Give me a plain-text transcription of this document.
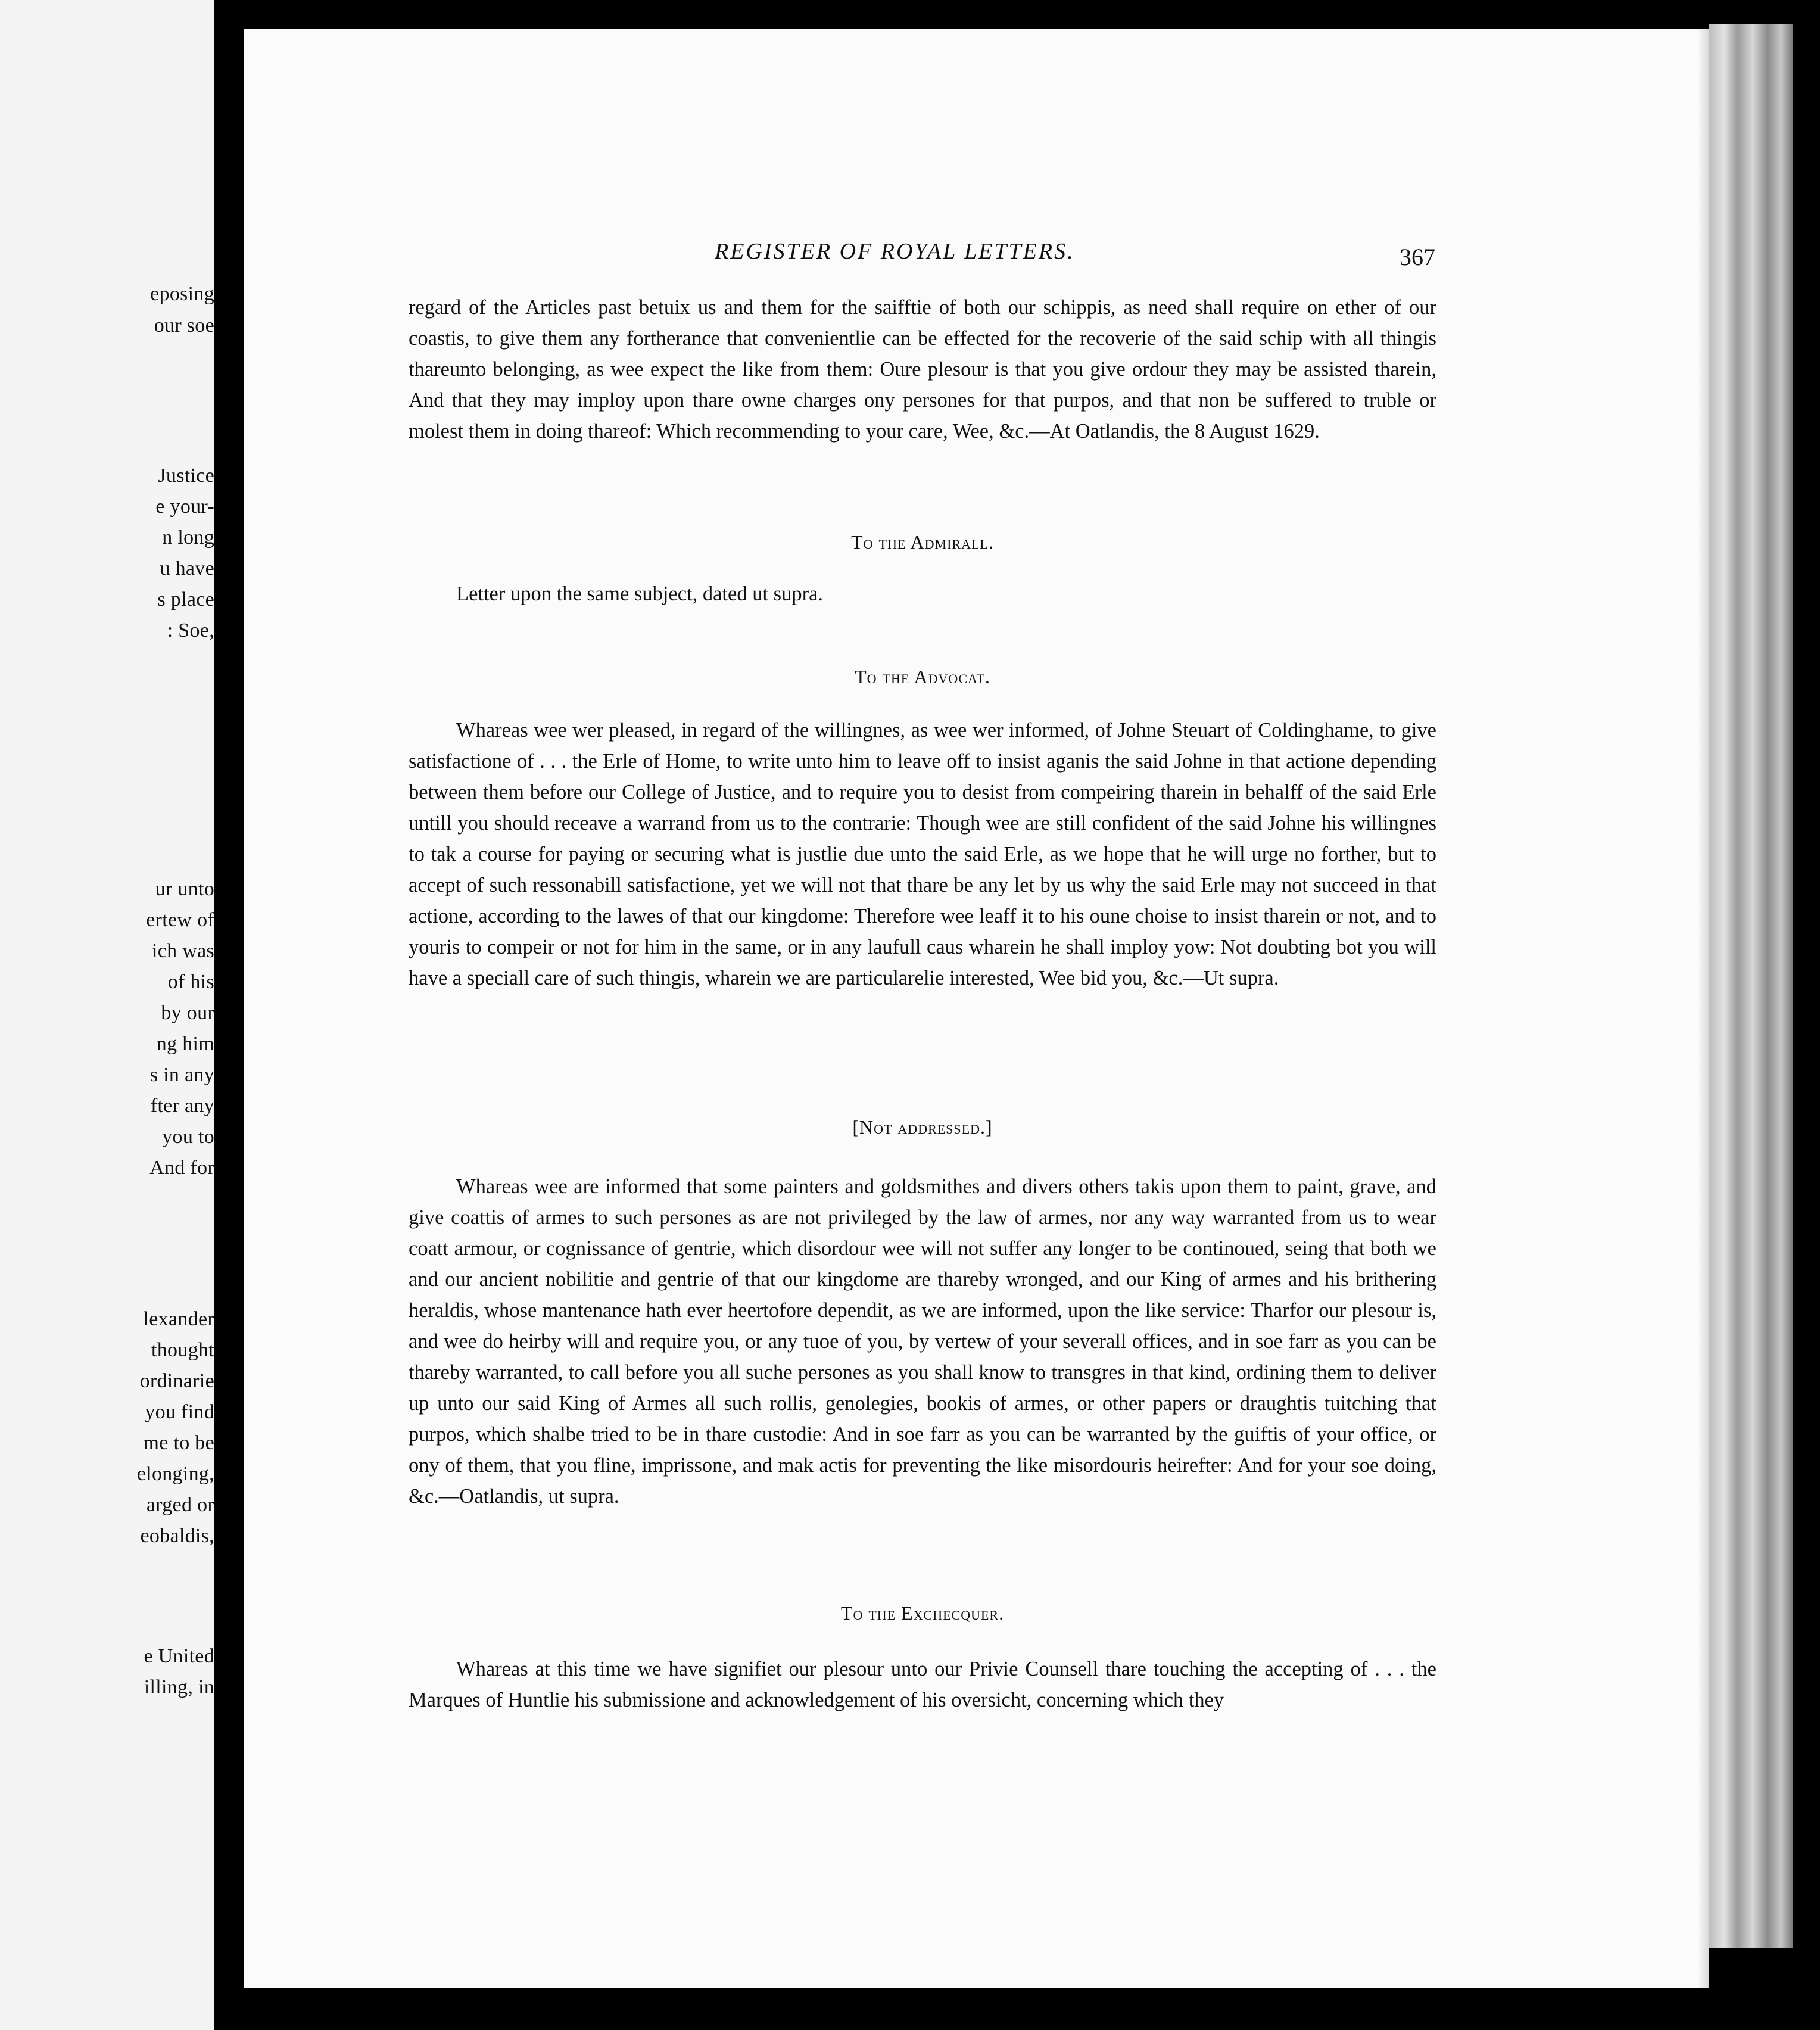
eposing
our soe
Justice
e your-
n long
u have
s place
: Soe,
ur unto
ertew of
ich was
of his
by our
ng him
s in any
fter any
you to
And for
lexander
thought
ordinarie
you find
me to be
elonging,
arged or
eobaldis,
e United
illing, in
REGISTER OF ROYAL LETTERS.	367

regard of the Articles past betuix us and them for the saifftie of both our schippis, as need shall require on ether of our coastis, to give them any fortherance that convenientlie can be effected for the recoverie of the said schip with all thingis thareunto belonging, as wee expect the like from them: Oure plesour is that you give ordour they may be assisted tharein, And that they may imploy upon thare owne charges ony persones for that purpos, and that non be suffered to truble or molest them in doing thareof: Which recommending to your care, Wee, &c.—At Oatlandis, the 8 August 1629.

To the Admirall.
Letter upon the same subject, dated ut supra.
To the Advocat.

Whareas wee wer pleased, in regard of the willingnes, as wee wer informed, of Johne Steuart of Coldinghame, to give satisfactione of . . . the Erle of Home, to write unto him to leave off to insist aganis the said Johne in that actione depending between them before our College of Justice, and to require you to desist from compeiring tharein in behalff of the said Erle untill you should receave a warrand from us to the contrarie: Though wee are still confident of the said Johne his willingnes to tak a course for paying or securing what is justlie due unto the said Erle, as we hope that he will urge no forther, but to accept of such ressonabill satisfactione, yet we will not that thare be any let by us why the said Erle may not succeed in that actione, according to the lawes of that our kingdome: Therefore wee leaff it to his oune choise to insist tharein or not, and to youris to compeir or not for him in the same, or in any laufull caus wharein he shall imploy yow: Not doubting bot you will have a speciall care of such thingis, wharein we are particularelie interested, Wee bid you, &c.—Ut supra.

[Not addressed.]

Whareas wee are informed that some painters and goldsmithes and divers others takis upon them to paint, grave, and give coattis of armes to such persones as are not privileged by the law of armes, nor any way warranted from us to wear coatt armour, or cognissance of gentrie, which disordour wee will not suffer any longer to be continoued, seing that both we and our ancient nobilitie and gentrie of that our kingdome are thareby wronged, and our King of armes and his brithering heraldis, whose mantenance hath ever heertofore dependit, as we are informed, upon the like service: Tharfor our plesour is, and wee do heirby will and require you, or any tuoe of you, by vertew of your severall offices, and in soe farr as you can be thareby warranted, to call before you all suche persones as you shall know to transgres in that kind, ordining them to deliver up unto our said King of Armes all such rollis, genolegies, bookis of armes, or other papers or draughtis tuitching that purpos, which shalbe tried to be in thare custodie: And in soe farr as you can be warranted by the guiftis of your office, or ony of them, that you fline, imprissone, and mak actis for preventing the like misordouris heirefter: And for your soe doing, &c.—Oatlandis, ut supra.

To the Exchecquer.

Whareas at this time we have signifiet our plesour unto our Privie Counsell thare touching the accepting of . . . the Marques of Huntlie his submissione and acknowledgement of his oversicht, concerning which they
